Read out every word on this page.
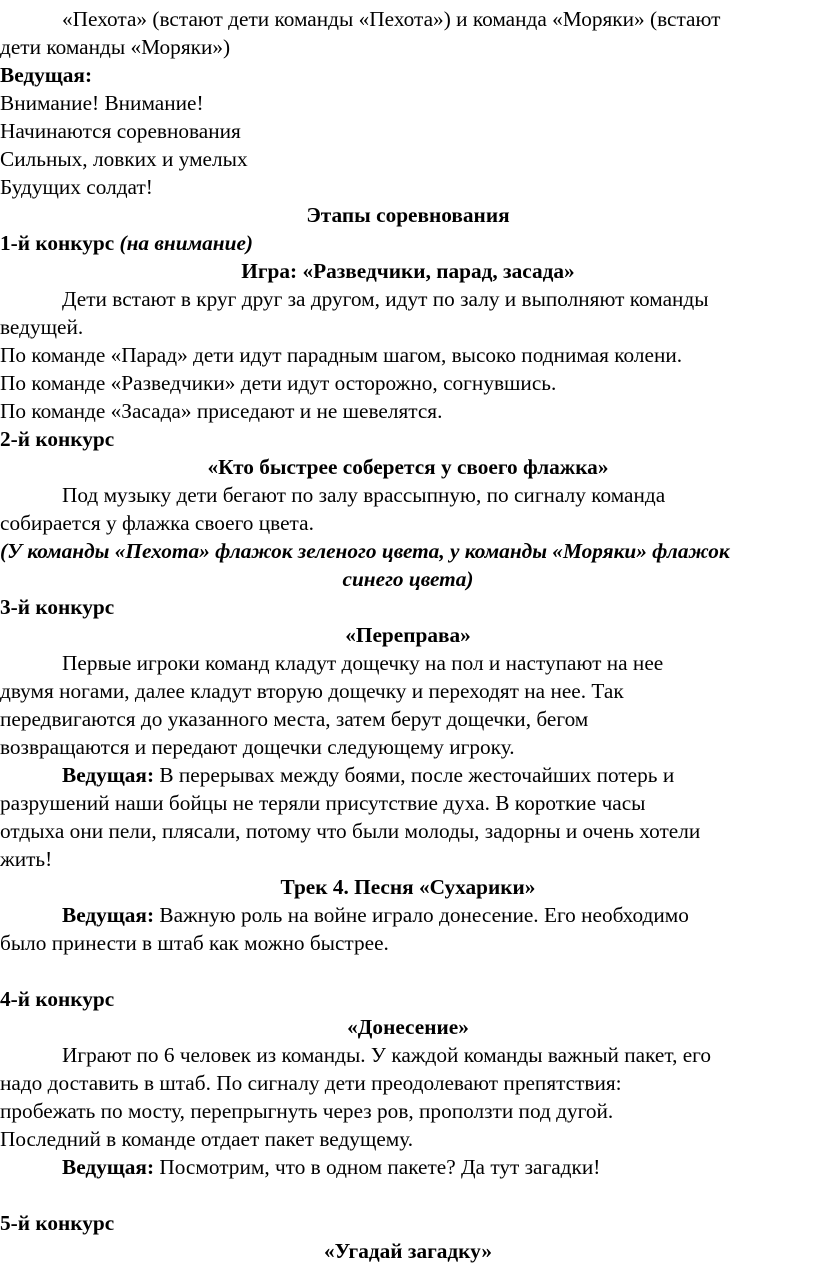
«Пехота» (встают дети команды «Пехота») и команда «Моряки» (встают
дети команды «Моряки»)
Ведущая:
Внимание! Внимание!
Начинаются соревнования
Сильных, ловких и умелых
Будущих солдат!
Этапы соревнования
1-й конкурс (на внимание)
Игра: «Разведчики, парад, засада»
Дети встают в круг друг за другом, идут по залу и выполняют команды
ведущей.
По команде «Парад» дети идут парадным шагом, высоко поднимая колени.
По команде «Разведчики» дети идут осторожно, согнувшись.
По команде «Засада» приседают и не шевелятся.
2-й конкурс
«Кто быстрее соберется у своего флажка»
Под музыку дети бегают по залу врассыпную, по сигналу команда
собирается у флажка своего цвета.
(У команды «Пехота» флажок зеленого цвета, у команды «Моряки» флажок
синего цвета)
3-й конкурс
«Переправа»
Первые игроки команд кладут дощечку на пол и наступают на нее
двумя ногами, далее кладут вторую дощечку и переходят на нее. Так
передвигаются до указанного места, затем берут дощечки, бегом
возвращаются и передают дощечки следующему игроку.
Ведущая: В перерывах между боями, после жесточайших потерь и
разрушений наши бойцы не теряли присутствие духа. В короткие часы
отдыха они пели, плясали, потому что были молоды, задорны и очень хотели
жить!
Трек 4. Песня «Сухарики»
Ведущая: Важную роль на войне играло донесение. Его необходимо
было принести в штаб как можно быстрее.
4-й конкурс
«Донесение»
Играют по 6 человек из команды. У каждой команды важный пакет, его
надо доставить в штаб. По сигналу дети преодолевают препятствия:
пробежать по мосту, перепрыгнуть через ров, проползти под дугой.
Последний в команде отдает пакет ведущему.
Ведущая: Посмотрим, что в одном пакете? Да тут загадки!
5-й конкурс
«Угадай загадку»
